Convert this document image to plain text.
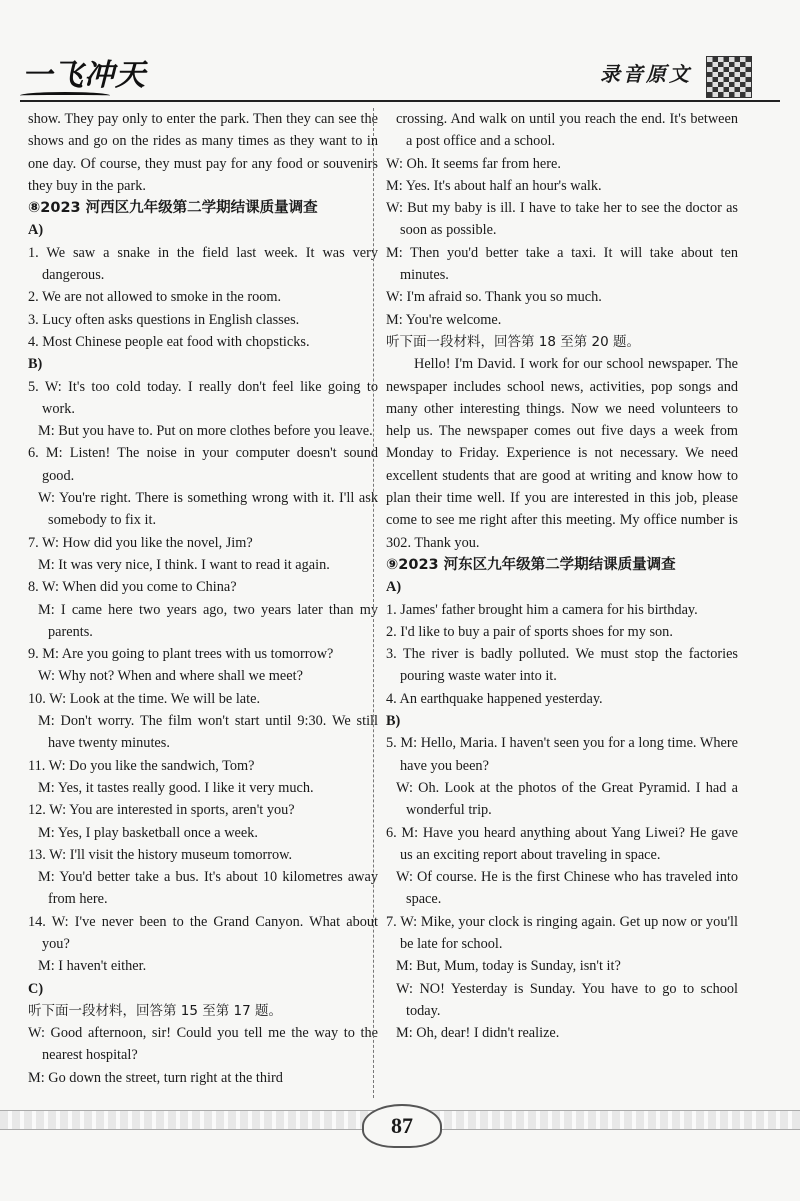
一飞冲天	录音原文

show. They pay only to enter the park. Then they can see the shows and go on the rides as many times as they want to in one day. Of course, they must pay for any food or souvenirs they buy in the park.

⑧2023 河西区九年级第二学期结课质量调查

A)

1. We saw a snake in the field last week. It was very dangerous.

2. We are not allowed to smoke in the room.

3. Lucy often asks questions in English classes.

4. Most Chinese people eat food with chopsticks.

B)

5. W: It's too cold today. I really don't feel like going to work.

M: But you have to. Put on more clothes before you leave.

6. M: Listen! The noise in your computer doesn't sound good.

W: You're right. There is something wrong with it. I'll ask somebody to fix it.

7. W: How did you like the novel, Jim?

M: It was very nice, I think. I want to read it again.

8. W: When did you come to China?

M: I came here two years ago, two years later than my parents.

9. M: Are you going to plant trees with us tomorrow?

W: Why not? When and where shall we meet?

10. W: Look at the time. We will be late.

M: Don't worry. The film won't start until 9:30. We still have twenty minutes.

11. W: Do you like the sandwich, Tom?

M: Yes, it tastes really good. I like it very much.

12. W: You are interested in sports, aren't you?

M: Yes, I play basketball once a week.

13. W: I'll visit the history museum tomorrow.

M: You'd better take a bus. It's about 10 kilometres away from here.

14. W: I've never been to the Grand Canyon. What about you?

M: I haven't either.

C)

听下面一段材料，回答第 15 至第 17 题。

W: Good afternoon, sir! Could you tell me the way to the nearest hospital?

M: Go down the street, turn right at the third

crossing. And walk on until you reach the end. It's between a post office and a school.

W: Oh. It seems far from here.

M: Yes. It's about half an hour's walk.

W: But my baby is ill. I have to take her to see the doctor as soon as possible.

M: Then you'd better take a taxi. It will take about ten minutes.

W: I'm afraid so. Thank you so much.

M: You're welcome.

听下面一段材料，回答第 18 至第 20 题。

Hello! I'm David. I work for our school newspaper. The newspaper includes school news, activities, pop songs and many other interesting things. Now we need volunteers to help us. The newspaper comes out five days a week from Monday to Friday. Experience is not necessary. We need excellent students that are good at writing and know how to plan their time well. If you are interested in this job, please come to see me right after this meeting. My office number is 302. Thank you.

⑨2023 河东区九年级第二学期结课质量调查

A)

1. James' father brought him a camera for his birthday.

2. I'd like to buy a pair of sports shoes for my son.

3. The river is badly polluted. We must stop the factories pouring waste water into it.

4. An earthquake happened yesterday.

B)

5. M: Hello, Maria. I haven't seen you for a long time. Where have you been?

W: Oh. Look at the photos of the Great Pyramid. I had a wonderful trip.

6. M: Have you heard anything about Yang Liwei? He gave us an exciting report about traveling in space.

W: Of course. He is the first Chinese who has traveled into space.

7. W: Mike, your clock is ringing again. Get up now or you'll be late for school.

M: But, Mum, today is Sunday, isn't it?

W: NO! Yesterday is Sunday. You have to go to school today.

M: Oh, dear! I didn't realize.

87
